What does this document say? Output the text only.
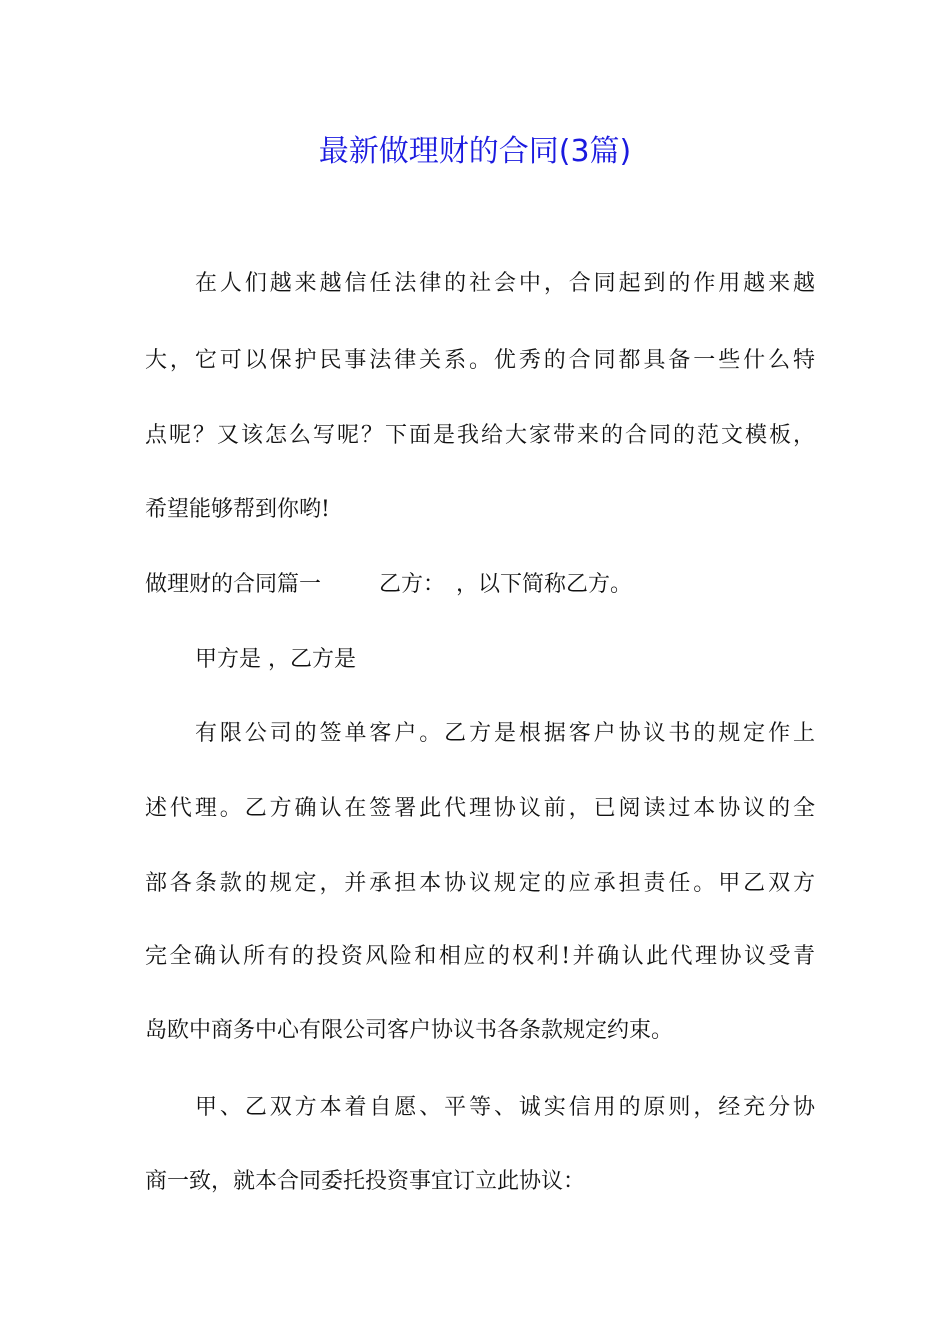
最新做理财的合同(3篇)

在人们越来越信任法律的社会中，合同起到的作用越来越

大，它可以保护民事法律关系。优秀的合同都具备一些什么特

点呢？又该怎么写呢？下面是我给大家带来的合同的范文模板，

希望能够帮到你哟!

做理财的合同篇一	乙方：　，以下简称乙方。

甲方是 ，乙方是

有限公司的签单客户。乙方是根据客户协议书的规定作上

述代理。乙方确认在签署此代理协议前，已阅读过本协议的全

部各条款的规定，并承担本协议规定的应承担责任。甲乙双方

完全确认所有的投资风险和相应的权利!并确认此代理协议受青

岛欧中商务中心有限公司客户协议书各条款规定约束。

甲、乙双方本着自愿、平等、诚实信用的原则，经充分协

商一致，就本合同委托投资事宜订立此协议：
